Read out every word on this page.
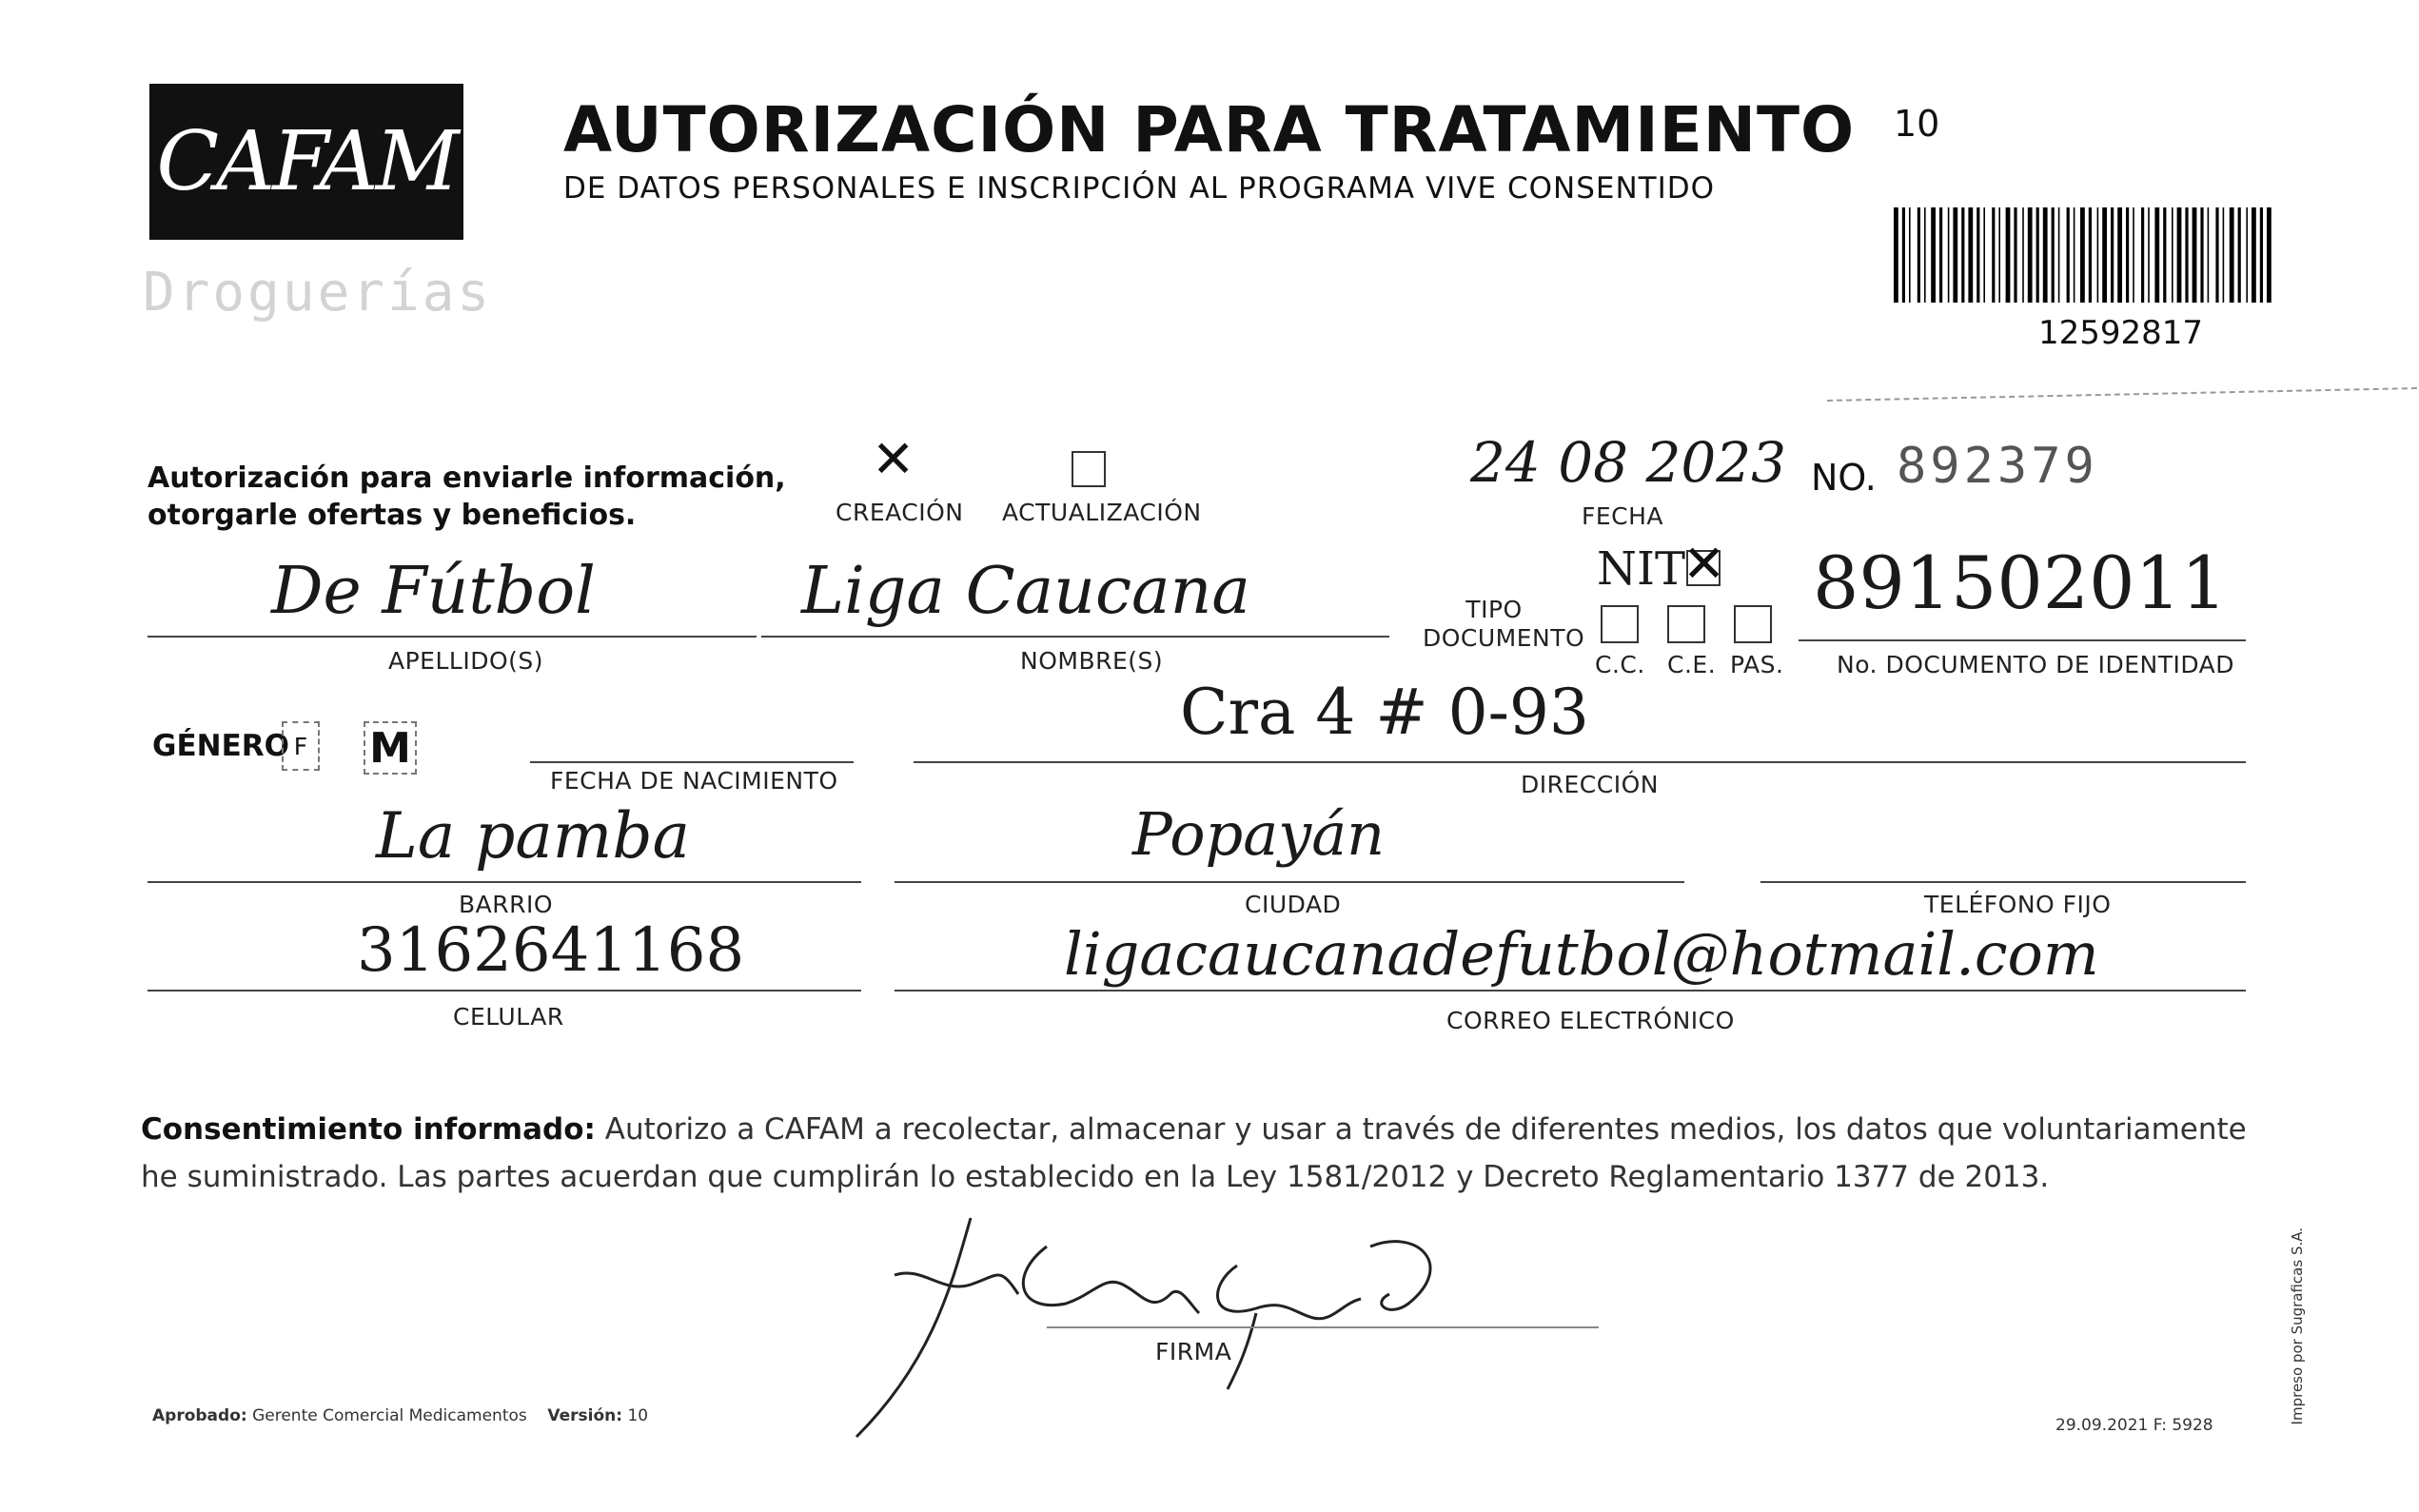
CAFAM
Droguerías
AUTORIZACIÓN PARA TRATAMIENTO
DE DATOS PERSONALES E INSCRIPCIÓN AL PROGRAMA VIVE CONSENTIDO
10
12592817
Autorización para enviarle información,
otorgarle ofertas y beneficios.
✕	CREACIÓN ACTUALIZACIÓN
24 08 2023
FECHA
NO. 892379
De Fútbol
APELLIDO(S)
Liga Caucana
NOMBRE(S)
TIPO
DOCUMENTO
NIT
✕
C.C. C.E. PAS.
891502011
No. DOCUMENTO DE IDENTIDAD
GÉNERO F M
FECHA DE NACIMIENTO
Cra 4 # 0-93
DIRECCIÓN
La pamba
BARRIO
Popayán
CIUDAD	TELÉFONO FIJO
3162641168
CELULAR
ligacaucanadefutbol@hotmail.com
CORREO ELECTRÓNICO
Consentimiento informado: Autorizo a CAFAM a recolectar, almacenar y usar a través de diferentes medios, los datos que voluntariamente he suministrado. Las partes acuerdan que cumplirán lo establecido en la Ley 1581/2012 y Decreto Reglamentario 1377 de 2013.
FIRMA
Aprobado: Gerente Comercial Medicamentos Versión: 10	29.09.2021 F: 5928
Impreso por Sugraficas S.A.
